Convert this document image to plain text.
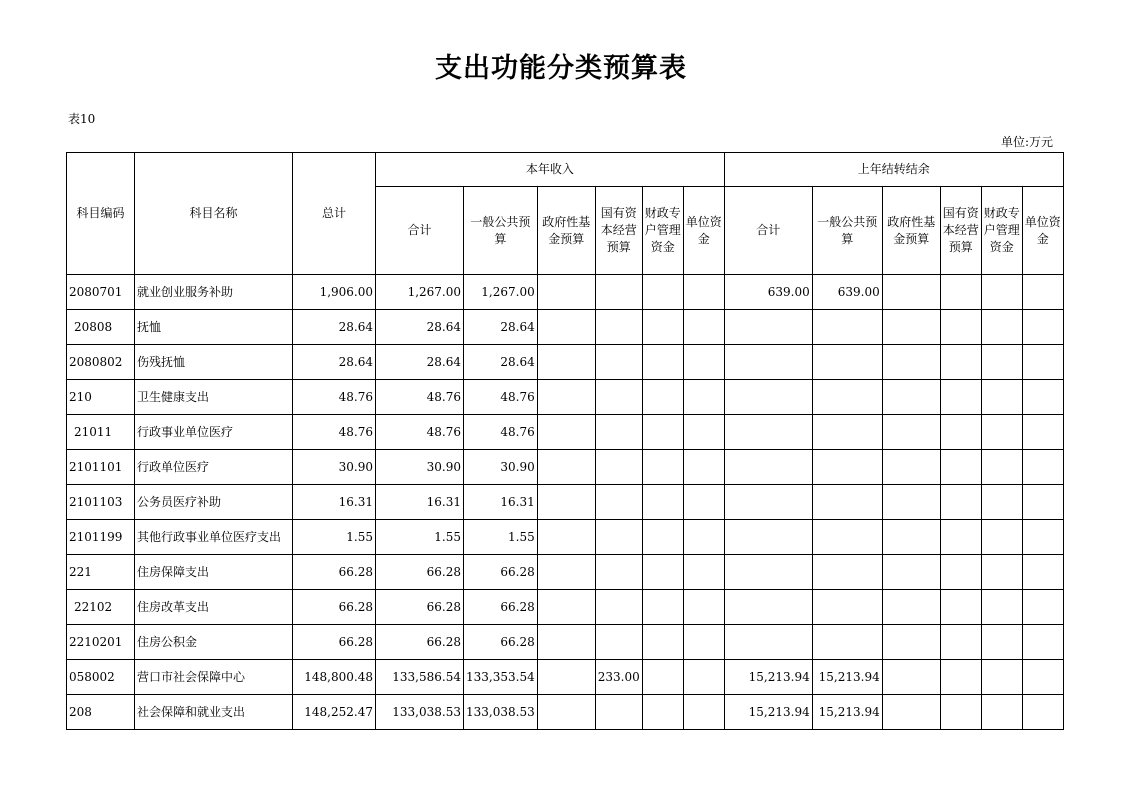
支出功能分类预算表
表10
单位:万元
科目编码	科目名称	总计	本年收入						上年结转结余					
			合计	一般公共预算	政府性基金预算	国有资本经营预算	财政专户管理资金	单位资金	合计	一般公共预算	政府性基金预算	国有资本经营预算	财政专户管理资金	单位资金
2080701	就业创业服务补助	1,906.00	1,267.00	1,267.00					639.00	639.00				
20808	抚恤	28.64	28.64	28.64										
2080802	伤残抚恤	28.64	28.64	28.64										
210	卫生健康支出	48.76	48.76	48.76										
21011	行政事业单位医疗	48.76	48.76	48.76										
2101101	行政单位医疗	30.90	30.90	30.90										
2101103	公务员医疗补助	16.31	16.31	16.31										
2101199	其他行政事业单位医疗支出	1.55	1.55	1.55										
221	住房保障支出	66.28	66.28	66.28										
22102	住房改革支出	66.28	66.28	66.28										
2210201	住房公积金	66.28	66.28	66.28										
058002	营口市社会保障中心	148,800.48	133,586.54	133,353.54		233.00			15,213.94	15,213.94				
208	社会保障和就业支出	148,252.47	133,038.53	133,038.53					15,213.94	15,213.94				
